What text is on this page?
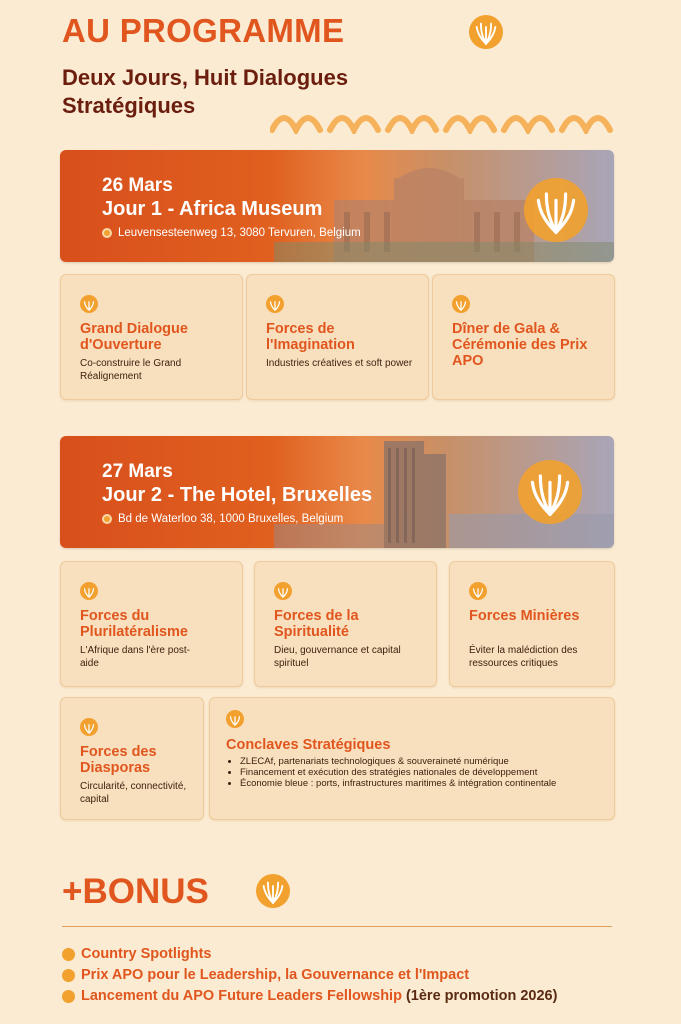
AU PROGRAMME
Deux Jours, Huit Dialogues Stratégiques
26 Mars
Jour 1 - Africa Museum
Leuvensesteenweg 13, 3080 Tervuren, Belgium
Grand Dialogue d'Ouverture
Co-construire le Grand Réalignement
Forces de l'Imagination
Industries créatives et soft power
Dîner de Gala & Cérémonie des Prix APO
27 Mars
Jour 2 - The Hotel, Bruxelles
Bd de Waterloo 38, 1000 Bruxelles, Belgium
Forces du Plurilatéralisme
L'Afrique dans l'ère post-aide
Forces de la Spiritualité
Dieu, gouvernance et capital spirituel
Forces Minières
Éviter la malédiction des ressources critiques
Forces des Diasporas
Circularité, connectivité, capital
Conclaves Stratégiques
• ZLECAf, partenariats technologiques & souveraineté numérique
• Financement et exécution des stratégies nationales de développement
• Économie bleue : ports, infrastructures maritimes & intégration continentale
+BONUS
Country Spotlights
Prix APO pour le Leadership, la Gouvernance et l'Impact
Lancement du APO Future Leaders Fellowship (1ère promotion 2026)
